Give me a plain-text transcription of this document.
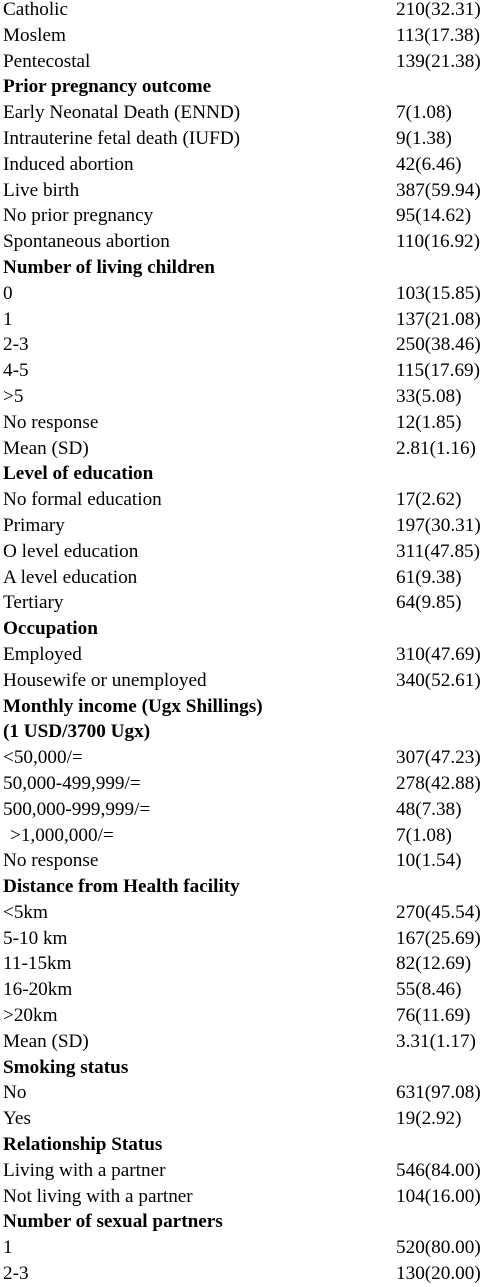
Catholic	210(32.31)
Moslem	113(17.38)
Pentecostal	139(21.38)
Prior pregnancy outcome
Early Neonatal Death (ENND)	7(1.08)
Intrauterine fetal death (IUFD)	9(1.38)
Induced abortion	42(6.46)
Live birth	387(59.94)
No prior pregnancy	95(14.62)
Spontaneous abortion	110(16.92)
Number of living children
0	103(15.85)
1	137(21.08)
2-3	250(38.46)
4-5	115(17.69)
>5	33(5.08)
No response	12(1.85)
Mean (SD)	2.81(1.16)
Level of education
No formal education	17(2.62)
Primary	197(30.31)
O level education	311(47.85)
A level education	61(9.38)
Tertiary	64(9.85)
Occupation
Employed	310(47.69)
Housewife or unemployed	340(52.61)
Monthly income (Ugx Shillings)
(1 USD/3700 Ugx)
<50,000/=	307(47.23)
50,000-499,999/=	278(42.88)
500,000-999,999/=	48(7.38)
>1,000,000/=	7(1.08)
No response	10(1.54)
Distance from Health facility
<5km	270(45.54)
5-10 km	167(25.69)
11-15km	82(12.69)
16-20km	55(8.46)
>20km	76(11.69)
Mean (SD)	3.31(1.17)
Smoking status
No	631(97.08)
Yes	19(2.92)
Relationship Status
Living with a partner	546(84.00)
Not living with a partner	104(16.00)
Number of sexual partners
1	520(80.00)
2-3	130(20.00)
